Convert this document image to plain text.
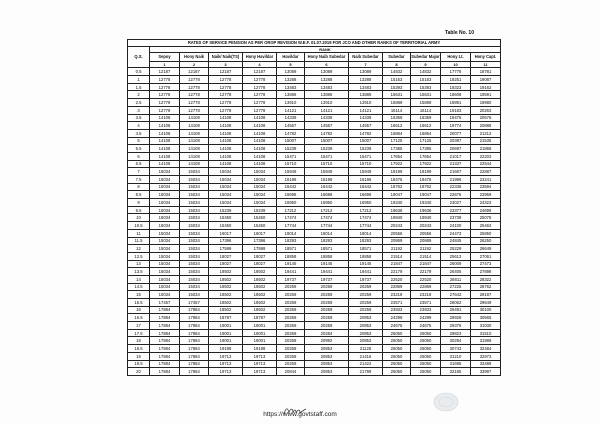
Table No. 10
RATES OF SERVICE PENSION AS PER OROP REVISION W.E.F. 01.07.2019 FOR JCO AND OTHER RANKS OF TERRITORIAL ARMY											
Q.S.	RANK										
	Sepoy	Hony Naik	Naik/ Naik(TS)	Hony Havildar	Havildar	Hony Naib Subedar	Naib Subedar	Subedar	Subedar Major	Hony Lt.	Hony Capt.
	1	2	3	4	5	6	7	8	9	10	11
0.5	12187	12187	12187	12187	13089	13089	13089	14832	14832	17776	18781
1	12778	12778	12778	12778	13288	13288	13288	15163	15163	18251	19087
1.5	12778	12778	12778	12778	13483	13483	13483	15393	15393	18323	19162
2	12778	12778	12778	12778	13886	13886	13886	15631	15631	18608	19591
2.5	12778	12778	12778	12778	13910	13910	13910	15889	15889	18891	19980
3	12778	12778	12778	12778	14121	14121	14121	16114	16114	19183	20263
3.5	14108	14108	14108	14108	14339	14339	14339	16359	16359	19475	20576
4	14108	14108	14108	14108	14557	14557	14557	16612	16612	19774	20888
4.5	14108	14108	14108	14108	14782	14782	14782	16864	16864	20077	21212
5	14108	14108	14108	14108	15007	15007	15007	17125	17125	20387	21535
5.5	14108	14108	14108	14108	15239	15239	15239	17385	17385	20697	21868
6	14108	14108	14108	14108	15471	15471	15471	17654	17654	21017	22203
6.5	14108	14108	14108	14108	15710	15710	15710	17922	17922	21337	22544
7	15034	15034	15034	15034	15949	15949	15949	18199	18199	21667	22887
7.5	15034	15034	15034	15034	16196	16196	16196	18476	18476	21996	23241
8	15034	15034	15034	15034	16442	16442	16442	18762	18762	22336	23594
8.5	15034	15034	15034	15034	16696	16696	16696	19047	19047	22676	23959
9	15034	15034	15034	15034	16950	16950	16950	19340	19340	23027	24323
9.5	15034	15034	15239	15239	17212	17212	17212	19636	19636	23377	24699
10	15034	15034	15450	15450	17474	17474	17474	19940	19940	23739	25075
10.5	15034	15034	15450	15450	17744	17744	17744	20243	20243	24100	25463
11	15034	15034	16017	16017	18014	18014	18014	20556	20556	24473	25850
11.5	15034	15034	17396	17396	18293	18293	18293	20869	20869	24845	26250
12	15034	15034	17599	17599	18571	18571	18571	21192	21192	25229	26649
12.5	15034	15034	18027	18027	18858	18858	18858	21514	21514	25613	27061
13	15034	15034	18027	18027	19145	19145	19145	21847	21847	26009	27473
13.5	15034	15034	18502	18502	19441	19441	19441	22179	22179	26405	27898
14	15034	15034	18502	18502	19737	19737	19737	22520	22520	26811	28322
14.5	15034	15034	18502	18502	20259	20259	20259	22869	22869	27225	28762
15	15034	15034	18502	18502	20259	20259	20259	23218	23218	27642	29197
15.5	17457	17457	18502	18502	20259	20259	20259	23571	23571	28062	29649
16	17884	17884	18502	18502	20259	20259	20259	23933	23933	28491	30100
16.5	17884	17884	18787	18787	20259	20259	20853	24299	24299	28928	30565
17	17884	17884	19001	19001	20259	20259	20853	24675	24675	29376	31030
17.5	17884	17884	19001	19001	20259	20284	20853	25050	25050	29823	31510
18	17884	17884	19001	19001	20259	20992	20853	25050	25050	30284	31989
18.5	17884	17884	19198	19198	20259	20853	21128	25050	25050	30743	32484
19	17884	17884	19713	19713	20259	20853	21416	25050	25050	31210	32973
19.5	17884	17884	19713	19713	20259	20853	21422	25050	25050	31695	33488
20	17884	17884	19713	19713	20844	20853	21799	25050	25050	32185	33997
https://www.govtstaff.com
